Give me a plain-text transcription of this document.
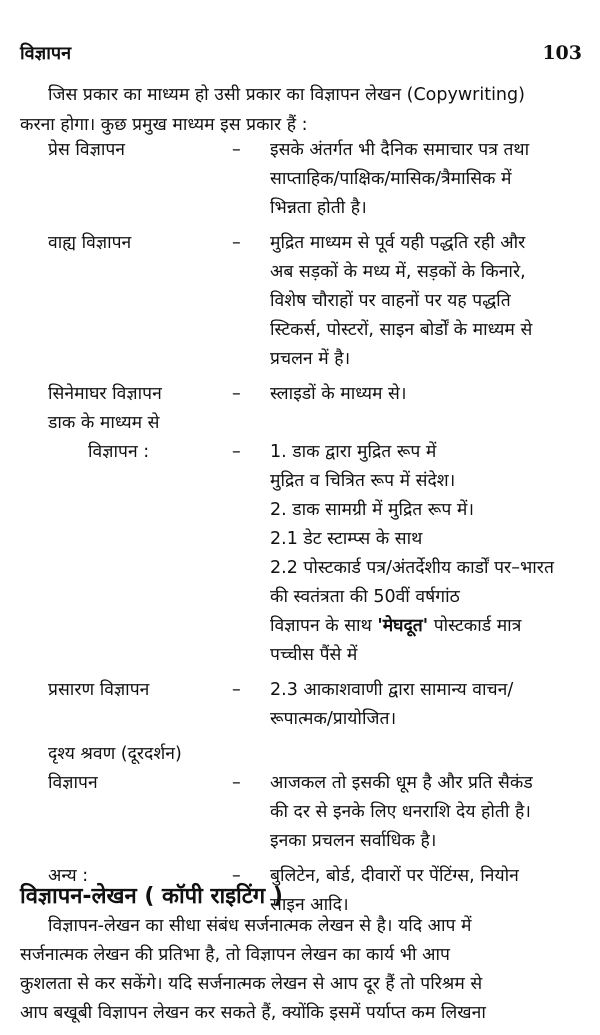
विज्ञापन	103
जिस प्रकार का माध्यम हो उसी प्रकार का विज्ञापन लेखन (Copywriting)
करना होगा। कुछ प्रमुख माध्यम इस प्रकार हैं :
प्रेस विज्ञापन	–	इसके अंतर्गत भी दैनिक समाचार पत्र तथा
साप्ताहिक/पाक्षिक/मासिक/त्रैमासिक में
भिन्नता होती है।
वाह्य विज्ञापन	–	मुद्रित माध्यम से पूर्व यही पद्धति रही और
अब सड़कों के मध्य में, सड़कों के किनारे,
विशेष चौराहों पर वाहनों पर यह पद्धति
स्टिकर्स, पोस्टरों, साइन बोर्डों के माध्यम से
प्रचलन में है।
सिनेमाघर विज्ञापन	–	स्लाइडों के माध्यम से।
डाक के माध्यम से
विज्ञापन :	–	1. डाक द्वारा मुद्रित रूप में
मुद्रित व चित्रित रूप में संदेश।
2. डाक सामग्री में मुद्रित रूप में।
2.1 डेट स्टाम्प्स के साथ
2.2 पोस्टकार्ड पत्र/अंतर्देशीय कार्डों पर–भारत
की स्वतंत्रता की 50वीं वर्षगांठ
विज्ञापन के साथ 'मेघदूत' पोस्टकार्ड मात्र
पच्चीस पैंसे में
प्रसारण विज्ञापन	–	2.3 आकाशवाणी द्वारा सामान्य वाचन/
रूपात्मक/प्रायोजित।
दृश्य श्रवण (दूरदर्शन)
विज्ञापन	–	आजकल तो इसकी धूम है और प्रति सैकंड
की दर से इनके लिए धनराशि देय होती है।
इनका प्रचलन सर्वाधिक है।
अन्य :	–	बुलिटेन, बोर्ड, दीवारों पर पेंटिंग्स, नियोन
साइन आदि।
विज्ञापन-लेखन ( कॉपी राइटिंग )
विज्ञापन-लेखन का सीधा संबंध सर्जनात्मक लेखन से है। यदि आप में
सर्जनात्मक लेखन की प्रतिभा है, तो विज्ञापन लेखन का कार्य भी आप
कुशलता से कर सकेंगे। यदि सर्जनात्मक लेखन से आप दूर हैं तो परिश्रम से
आप बखूबी विज्ञापन लेखन कर सकते हैं, क्योंकि इसमें पर्याप्त कम लिखना
